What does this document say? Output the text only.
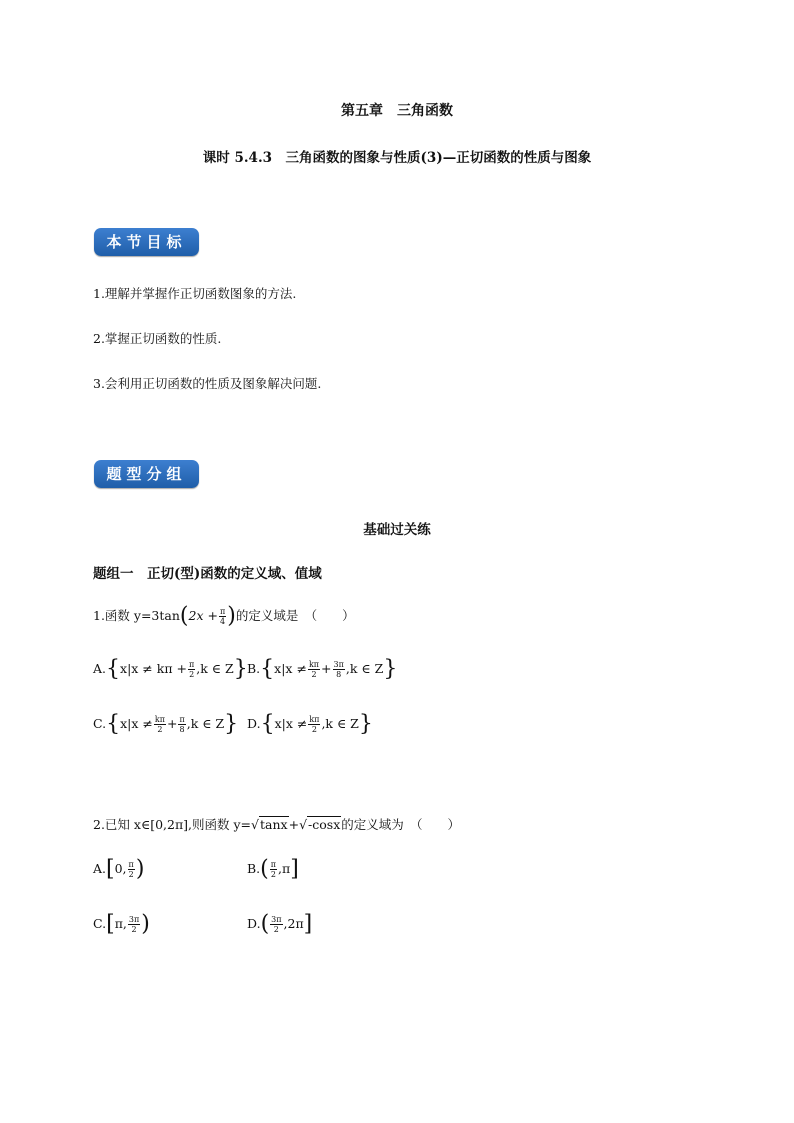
第五章　三角函数
课时 5.4.3　三角函数的图象与性质(3)—正切函数的性质与图象
本节目标
1.理解并掌握作正切函数图象的方法.
2.掌握正切函数的性质.
3.会利用正切函数的性质及图象解决问题.
题型分组
基础过关练
题组一　正切(型)函数的定义域、值域
1.函数 $y=3\tan(2x + \frac{\pi}{4}$ )的定义域是　（　　）
$A.\{x|x \ne k\pi + \frac{\pi}{2} ,k$ ∈ Z} $B.\{x|x \ne \frac{k\pi}{2} + \frac{3\pi}{8} ,k$ ∈ Z}
$C.\{x|x \ne \frac{k\pi}{2} + \frac{\pi}{8} ,k$ ∈ Z} $D.\{x|x \ne \frac{k\pi}{2} ,k$ ∈ Z}
2.已知 x∈[0,2π],则函数 y=√tanx+√-cosx的定义域为　（　　）
A.[0, $\frac{\pi}{2}$ )	$B.( \frac{\pi}{2} ,\pi]$
C.[π, $\frac{3\pi}{2}$ )	$D.( \frac{3\pi}{2} ,2\pi]$
